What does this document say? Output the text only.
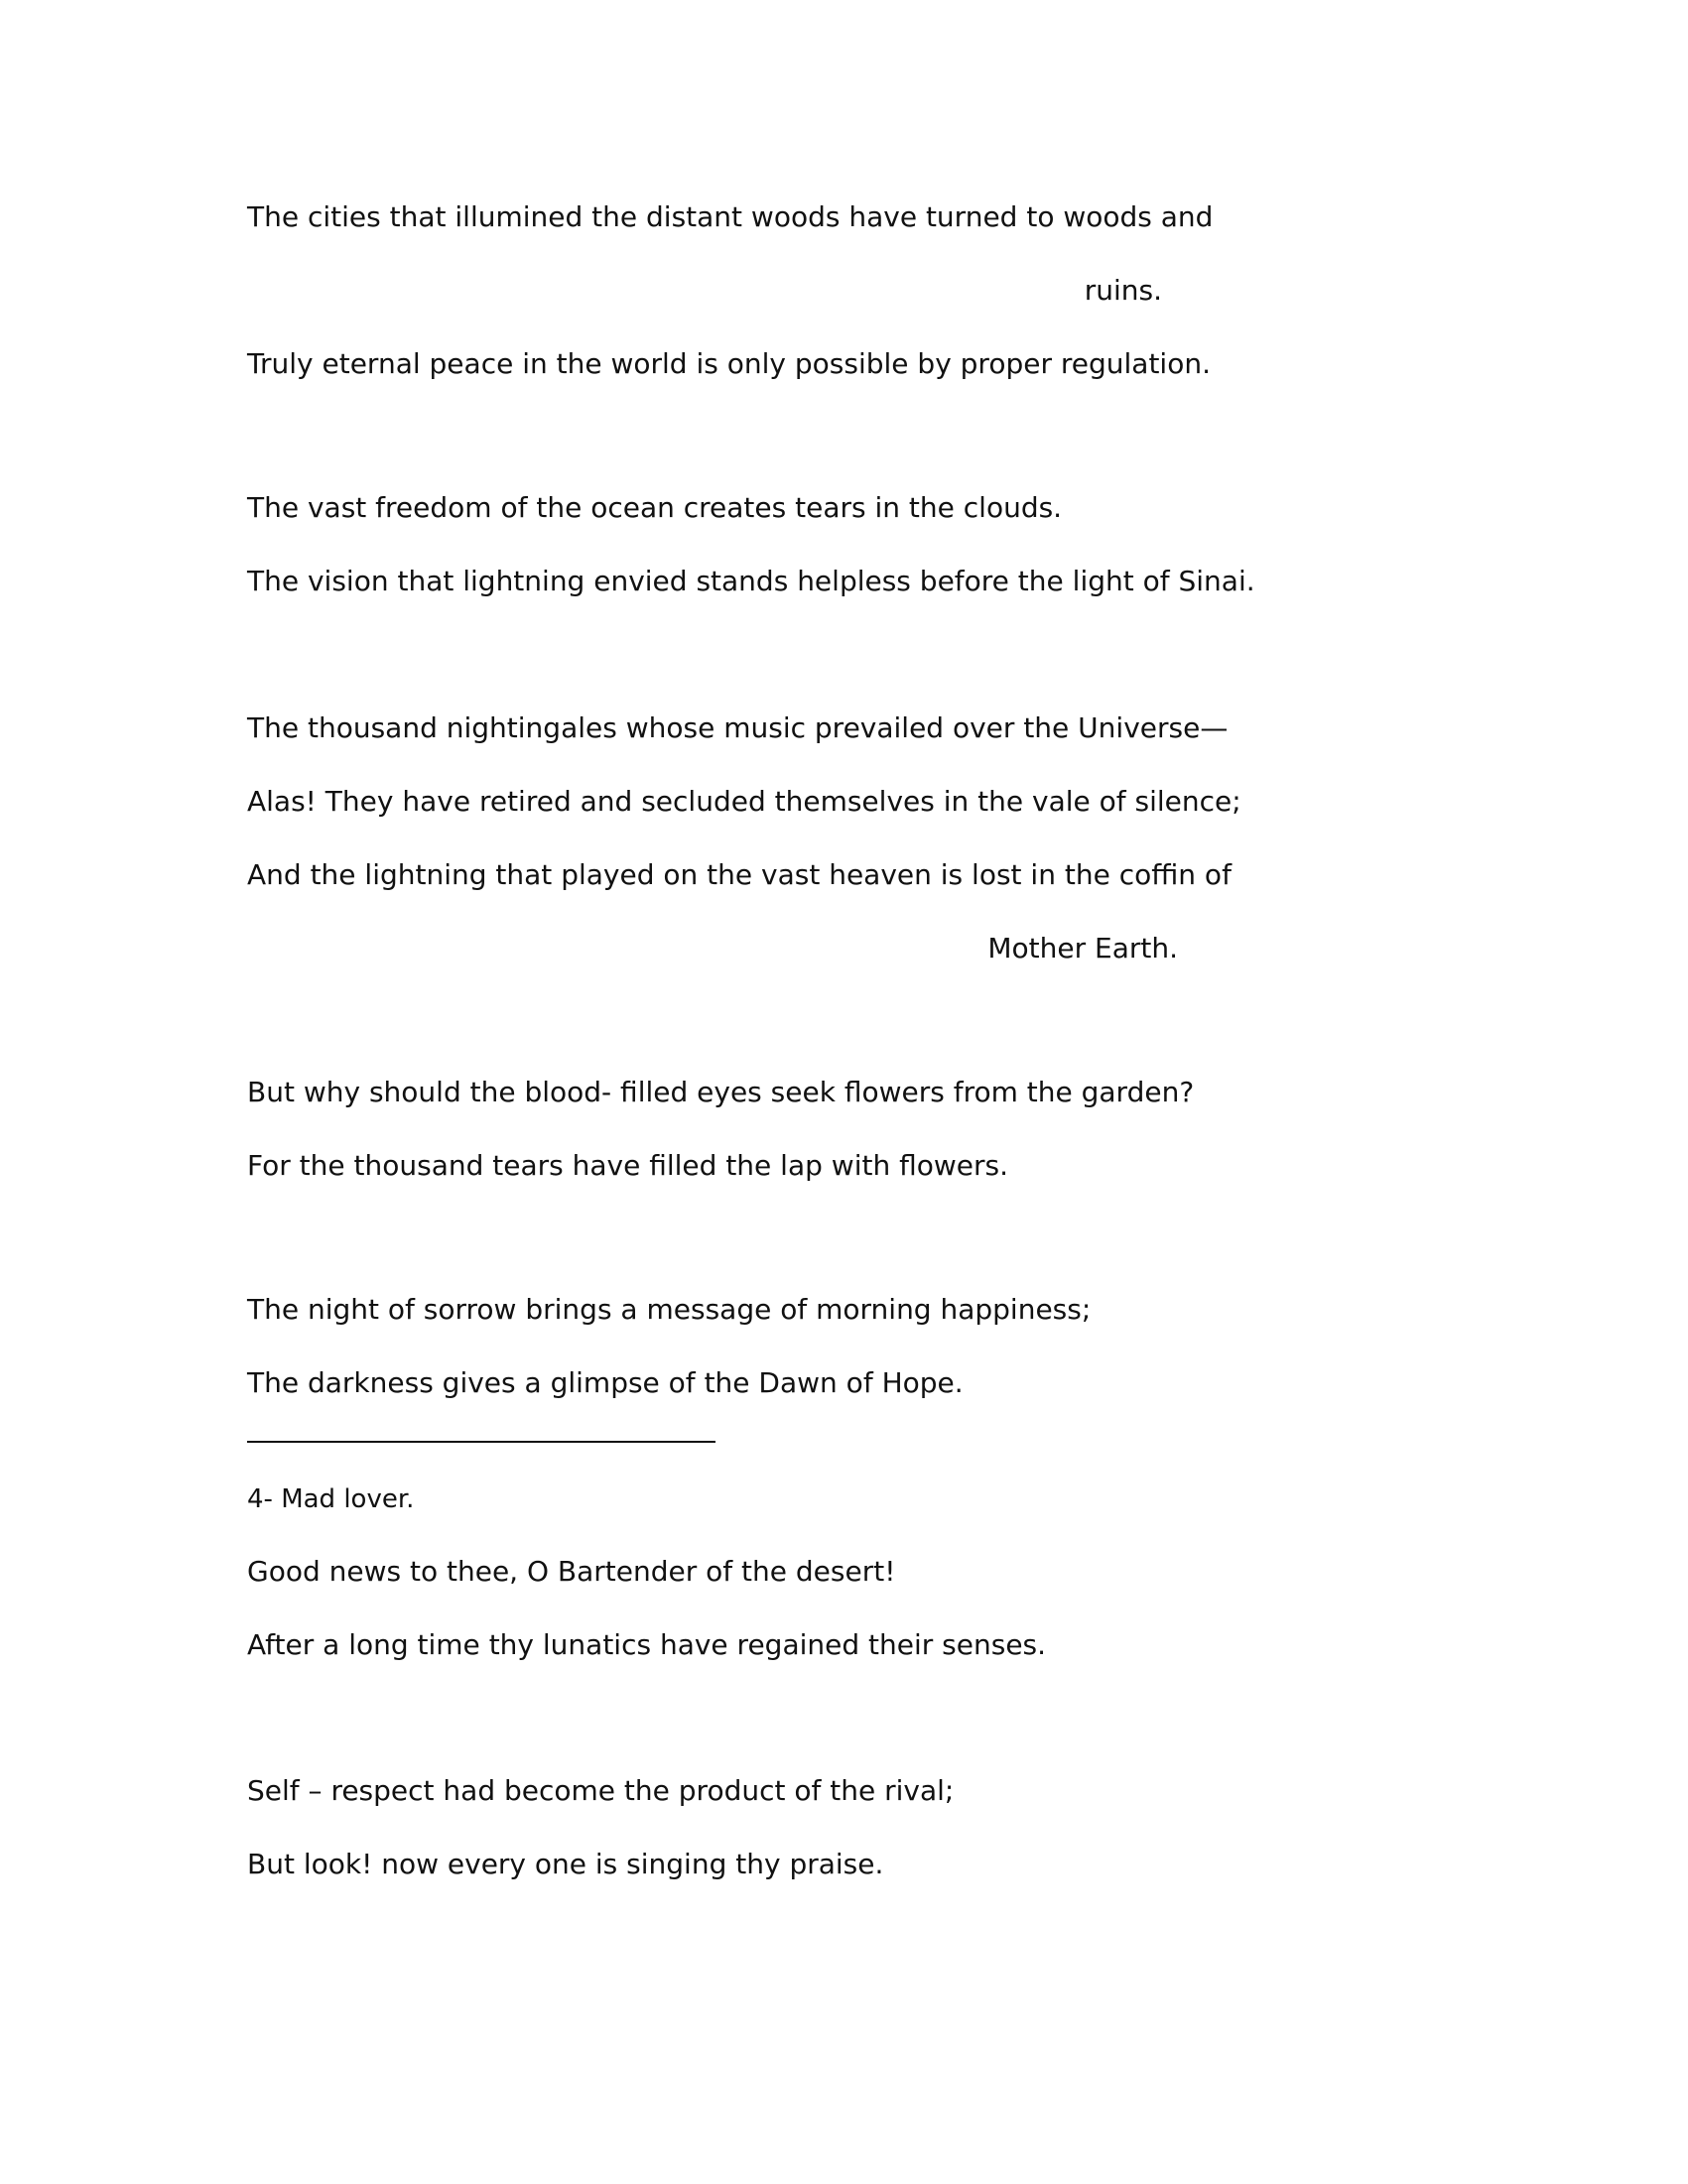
The cities that illumined the distant woods have turned to woods and
ruins.
Truly eternal peace in the world is only possible by proper regulation.
The vast freedom of the ocean creates tears in the clouds.
The vision that lightning envied stands helpless before the light of Sinai.
The thousand nightingales whose music prevailed over the Universe—
Alas! They have retired and secluded themselves in the vale of silence;
And the lightning that played on the vast heaven is lost in the coffin of
Mother Earth.
But why should the blood- filled eyes seek flowers from the garden?
For the thousand tears have filled the lap with flowers.
The night of sorrow brings a message of morning happiness;
The darkness gives a glimpse of the Dawn of Hope.
4- Mad lover.
Good news to thee, O Bartender of the desert!
After a long time thy lunatics have regained their senses.
Self – respect had become the product of the rival;
But look! now every one is singing thy praise.
